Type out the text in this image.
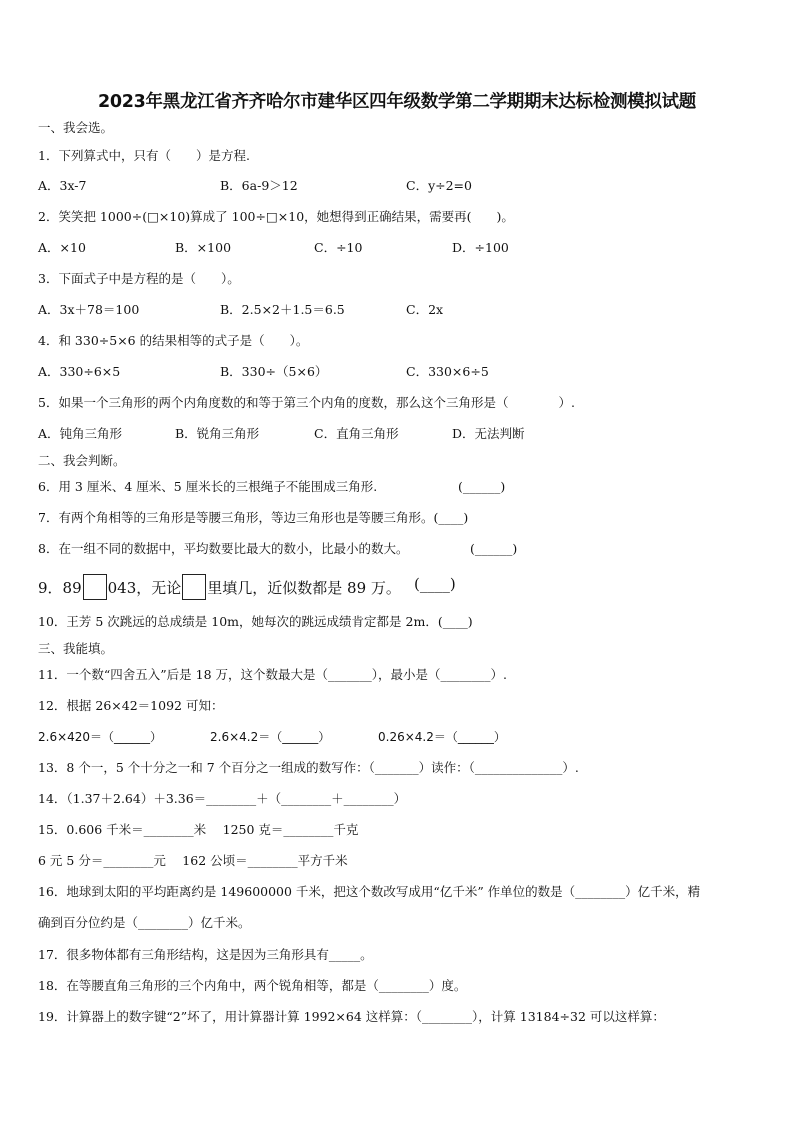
2023年黑龙江省齐齐哈尔市建华区四年级数学第二学期期末达标检测模拟试题
一、我会选。
1．下列算式中，只有（　　）是方程.
A．3x-7	B．6a-9＞12	C．y÷2=0
2．笑笑把 1000÷(□×10)算成了 100÷□×10，她想得到正确结果，需要再(　　)。
A．×10	B．×100	C．÷10	D．÷100
3．下面式子中是方程的是（　　）。
A．3x＋78＝100	B．2.5×2＋1.5＝6.5	C．2x
4．和 330÷5×6 的结果相等的式子是（　　）。
A．330÷6×5	B．330÷（5×6）	C．330×6÷5
5．如果一个三角形的两个内角度数的和等于第三个内角的度数，那么这个三角形是（　　　　）.
A．钝角三角形	B．锐角三角形	C．直角三角形	D．无法判断
二、我会判断。
6．用 3 厘米、4 厘米、5 厘米长的三根绳子不能围成三角形.	(______)
7．有两个角相等的三角形是等腰三角形，等边三角形也是等腰三角形。(____)
8．在一组不同的数据中，平均数要比最大的数小，比最小的数大。	(______)
9．89 043，无论 里填几，近似数都是 89 万。 (____)
10．王芳 5 次跳远的总成绩是 10m，她每次的跳远成绩肯定都是 2m．(____)
三、我能填。
11．一个数“四舍五入”后是 18 万，这个数最大是（_______），最小是（________）.
12．根据 26×42＝1092 可知：
2.6×420＝（______）	2.6×4.2＝（______）	0.26×4.2＝（______）
13．8 个一，5 个十分之一和 7 个百分之一组成的数写作：（_______）读作：（______________）.
14．（1.37＋2.64）＋3.36＝________＋（________＋________）
15．0.606 千米＝________米　 1250 克＝________千克
6 元 5 分＝________元　 162 公顷＝________平方千米
16．地球到太阳的平均距离约是 149600000 千米，把这个数改写成用“亿千米” 作单位的数是（________）亿千米，精
确到百分位约是（________）亿千米。
17．很多物体都有三角形结构，这是因为三角形具有_____。
18．在等腰直角三角形的三个内角中，两个锐角相等，都是（________）度。
19．计算器上的数字键“2”坏了，用计算器计算 1992×64 这样算：（________），计算 13184÷32 可以这样算：
